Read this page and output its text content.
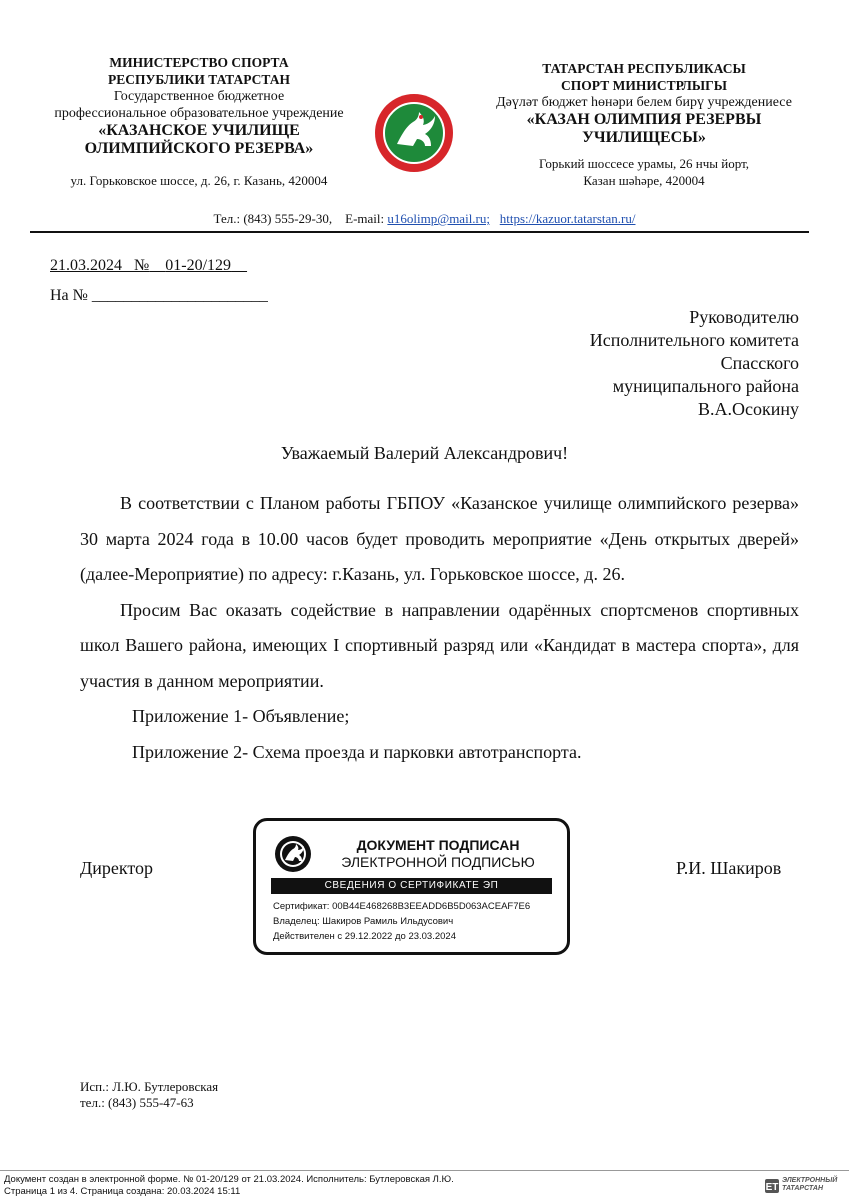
МИНИСТЕРСТВО СПОРТА
РЕСПУБЛИКИ ТАТАРСТАН
Государственное бюджетное
профессиональное образовательное учреждение
«КАЗАНСКОЕ УЧИЛИЩЕ
ОЛИМПИЙСКОГО РЕЗЕРВА»
ул. Горьковское шоссе, д. 26, г. Казань, 420004
ТАТАРСТАН РЕСПУБЛИКАСЫ
СПОРТ МИНИСТРЛЫГЫ
Дәүләт бюджет һөнәри белем бирү учреждениесе
«КАЗАН ОЛИМПИЯ РЕЗЕРВЫ
УЧИЛИЩЕСЫ»
Горький шоссесе урамы, 26 нчы йорт,
Казан шәһәре, 420004
Тел.: (843) 555-29-30, E-mail: u16olimp@mail.ru; https://kazuor.tatarstan.ru/
21.03.2024 № 01-20/129
На № ______________________
Руководителю
Исполнительного комитета
Спасского
муниципального района
В.А.Осокину
Уважаемый Валерий Александрович!

В соответствии с Планом работы ГБПОУ «Казанское училище олимпийского резерва» 30 марта 2024 года в 10.00 часов будет проводить мероприятие «День открытых дверей» (далее-Мероприятие) по адресу: г.Казань, ул. Горьковское шоссе, д. 26.

Просим Вас оказать содействие в направлении одарённых спортсменов спортивных школ Вашего района, имеющих I спортивный разряд или «Кандидат в мастера спорта», для участия в данном мероприятии.

Приложение 1- Объявление;

Приложение 2- Схема проезда и парковки автотранспорта.

Директор	Р.И. Шакиров
ДОКУМЕНТ ПОДПИСАН
ЭЛЕКТРОННОЙ ПОДПИСЬЮ
СВЕДЕНИЯ О СЕРТИФИКАТЕ ЭП
Сертификат: 00B44E468268B3EEADD6B5D063ACEAF7E6
Владелец: Шакиров Рамиль Ильдусович
Действителен с 29.12.2022 до 23.03.2024
Исп.: Л.Ю. Бутлеровская
тел.: (843) 555-47-63
Документ создан в электронной форме. № 01-20/129 от 21.03.2024. Исполнитель: Бутлеровская Л.Ю.
Страница 1 из 4. Страница создана: 20.03.2024 15:11	ET
ЭЛЕКТРОННЫЙ
ТАТАРСТАН
